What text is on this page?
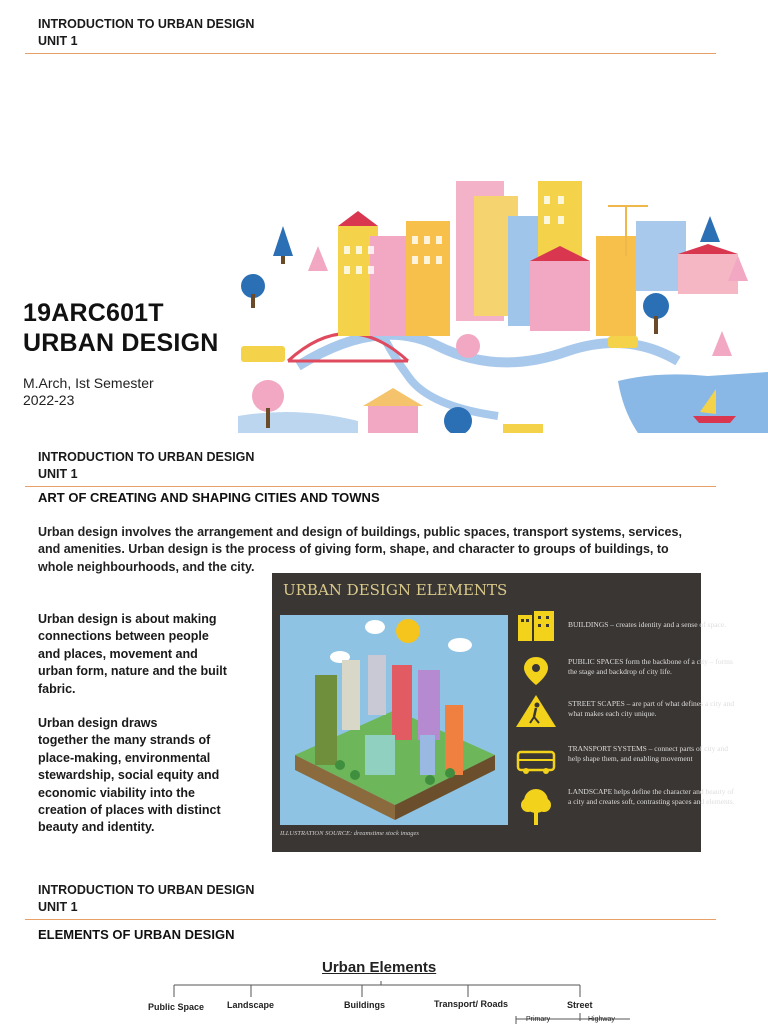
INTRODUCTION TO URBAN DESIGN
UNIT 1
19ARC601T
URBAN DESIGN
M.Arch, Ist Semester
2022-23
INTRODUCTION TO URBAN DESIGN
UNIT 1
ART OF CREATING AND SHAPING CITIES AND TOWNS
Urban design involves the arrangement and design of buildings, public spaces, transport systems, services,
and amenities. Urban design is the process of giving form, shape, and character to groups of buildings, to
whole neighbourhoods, and the city.
Urban design is about making
connections between people
and places, movement and
urban form, nature and the built
fabric.
Urban design draws
together the many strands of
place-making, environmental
stewardship, social equity and
economic viability into the
creation of places with distinct
beauty and identity.
URBAN DESIGN ELEMENTS
BUILDINGS – creates identity and a sense of space.
PUBLIC SPACES form the backbone of a city – forms the stage and backdrop of city life.
STREET SCAPES – are part of what defines a city and what makes each city unique.
TRANSPORT SYSTEMS – connect parts of city and help shape them, and enabling movement
LANDSCAPE helps define the character and beauty of a city and creates soft, contrasting spaces and elements.
ILLUSTRATION SOURCE: dreamstime stock images
INTRODUCTION TO URBAN DESIGN
UNIT 1
ELEMENTS OF URBAN DESIGN
Urban Elements
Public Space	Landscape	Buildings	Transport/ Roads	Street
Primary	Highway
